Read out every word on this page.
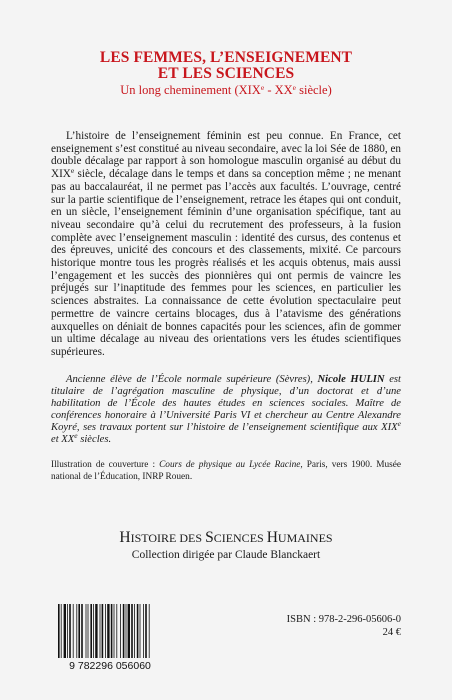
LES FEMMES, L’ENSEIGNEMENT
ET LES SCIENCES
Un long cheminement (XIXe - XXe siècle)
L’histoire de l’enseignement féminin est peu connue. En France, cet enseignement s’est constitué au niveau secondaire, avec la loi Sée de 1880, en double décalage par rapport à son homologue masculin organisé au début du XIXe siècle, décalage dans le temps et dans sa conception même ; ne menant pas au baccalauréat, il ne permet pas l’accès aux facultés. L’ouvrage, centré sur la partie scientifique de l’enseignement, retrace les étapes qui ont conduit, en un siècle, l’enseignement féminin d’une organisation spécifique, tant au niveau secondaire qu’à celui du recrutement des professeurs, à la fusion complète avec l’enseignement masculin : identité des cursus, des contenus et des épreuves, unicité des concours et des classements, mixité. Ce parcours historique montre tous les progrès réalisés et les acquis obtenus, mais aussi l’engagement et les succès des pionnières qui ont permis de vaincre les préjugés sur l’inaptitude des femmes pour les sciences, en particulier les sciences abstraites. La connaissance de cette évolution spectaculaire peut permettre de vaincre certains blocages, dus à l’atavisme des générations auxquelles on déniait de bonnes capacités pour les sciences, afin de gommer un ultime décalage au niveau des orientations vers les études scientifiques supérieures.
Ancienne élève de l’École normale supérieure (Sèvres), Nicole HULIN est titulaire de l’agrégation masculine de physique, d’un doctorat et d’une habilitation de l’École des hautes études en sciences sociales. Maître de conférences honoraire à l’Université Paris VI et chercheur au Centre Alexandre Koyré, ses travaux portent sur l’histoire de l’enseignement scientifique aux XIXe et XXe siècles.
Illustration de couverture : Cours de physique au Lycée Racine, Paris, vers 1900. Musée national de l’Éducation, INRP Rouen.
HISTOIRE DES SCIENCES HUMAINES
Collection dirigée par Claude Blanckaert
9 782296 056060
ISBN : 978-2-296-05606-0
24 €
